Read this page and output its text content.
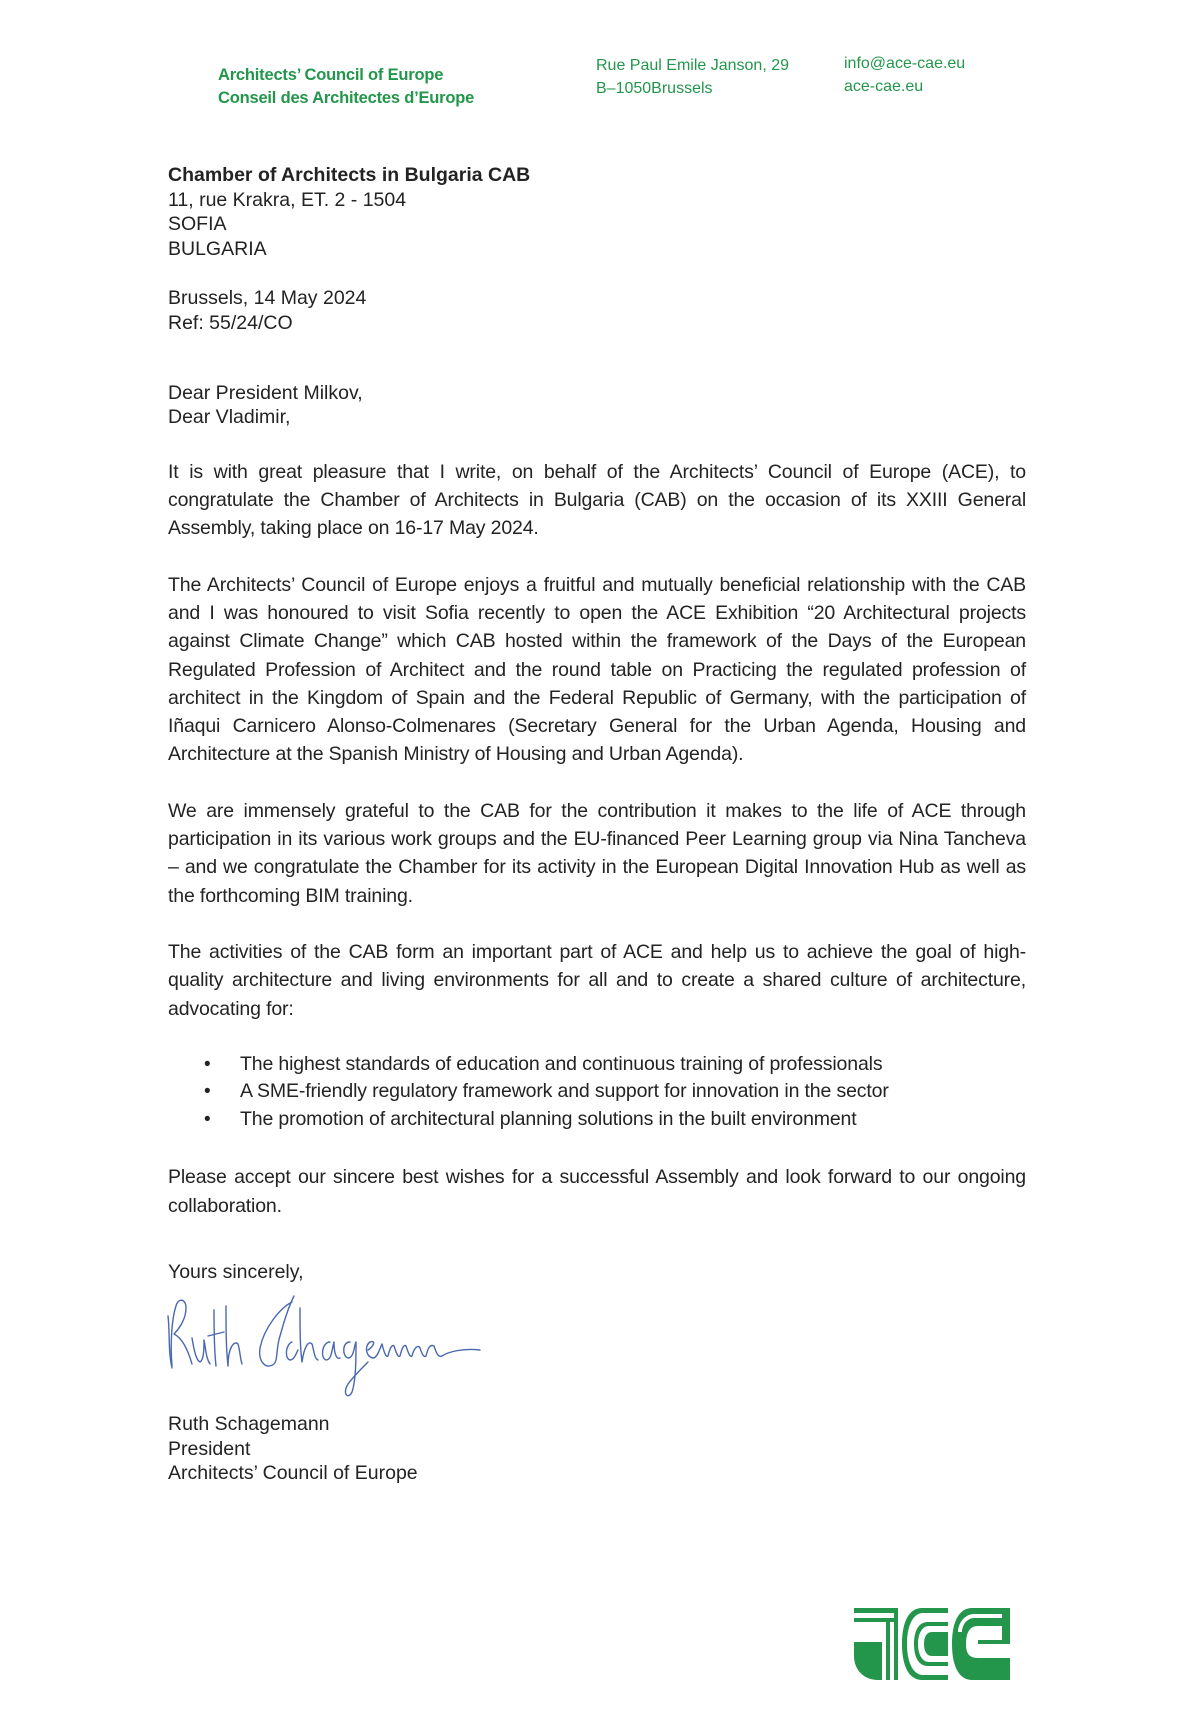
Architects’ Council of Europe
Conseil des Architectes d’Europe
Rue Paul Emile Janson, 29
B–1050Brussels
info@ace-cae.eu
ace-cae.eu
Chamber of Architects in Bulgaria CAB
11, rue Krakra, ET. 2 - 1504
SOFIA
BULGARIA
Brussels, 14 May 2024
Ref: 55/24/CO
Dear President Milkov,
Dear Vladimir,

It is with great pleasure that I write, on behalf of the Architects’ Council of Europe (ACE), to congratulate the Chamber of Architects in Bulgaria (CAB) on the occasion of its XXIII General Assembly, taking place on 16-17 May 2024.

The Architects’ Council of Europe enjoys a fruitful and mutually beneficial relationship with the CAB and I was honoured to visit Sofia recently to open the ACE Exhibition “20 Architectural projects against Climate Change” which CAB hosted within the framework of the Days of the European Regulated Profession of Architect and the round table on Practicing the regulated profession of architect in the Kingdom of Spain and the Federal Republic of Germany, with the participation of Iñaqui Carnicero Alonso-Colmenares (Secretary General for the Urban Agenda, Housing and Architecture at the Spanish Ministry of Housing and Urban Agenda).

We are immensely grateful to the CAB for the contribution it makes to the life of ACE through participation in its various work groups and the EU-financed Peer Learning group via Nina Tancheva – and we congratulate the Chamber for its activity in the European Digital Innovation Hub as well as the forthcoming BIM training.

The activities of the CAB form an important part of ACE and help us to achieve the goal of high-quality architecture and living environments for all and to create a shared culture of architecture, advocating for:

• The highest standards of education and continuous training of professionals
• A SME-friendly regulatory framework and support for innovation in the sector
• The promotion of architectural planning solutions in the built environment

Please accept our sincere best wishes for a successful Assembly and look forward to our ongoing collaboration.

Yours sincerely,
Ruth Schagemann
President
Architects’ Council of Europe
